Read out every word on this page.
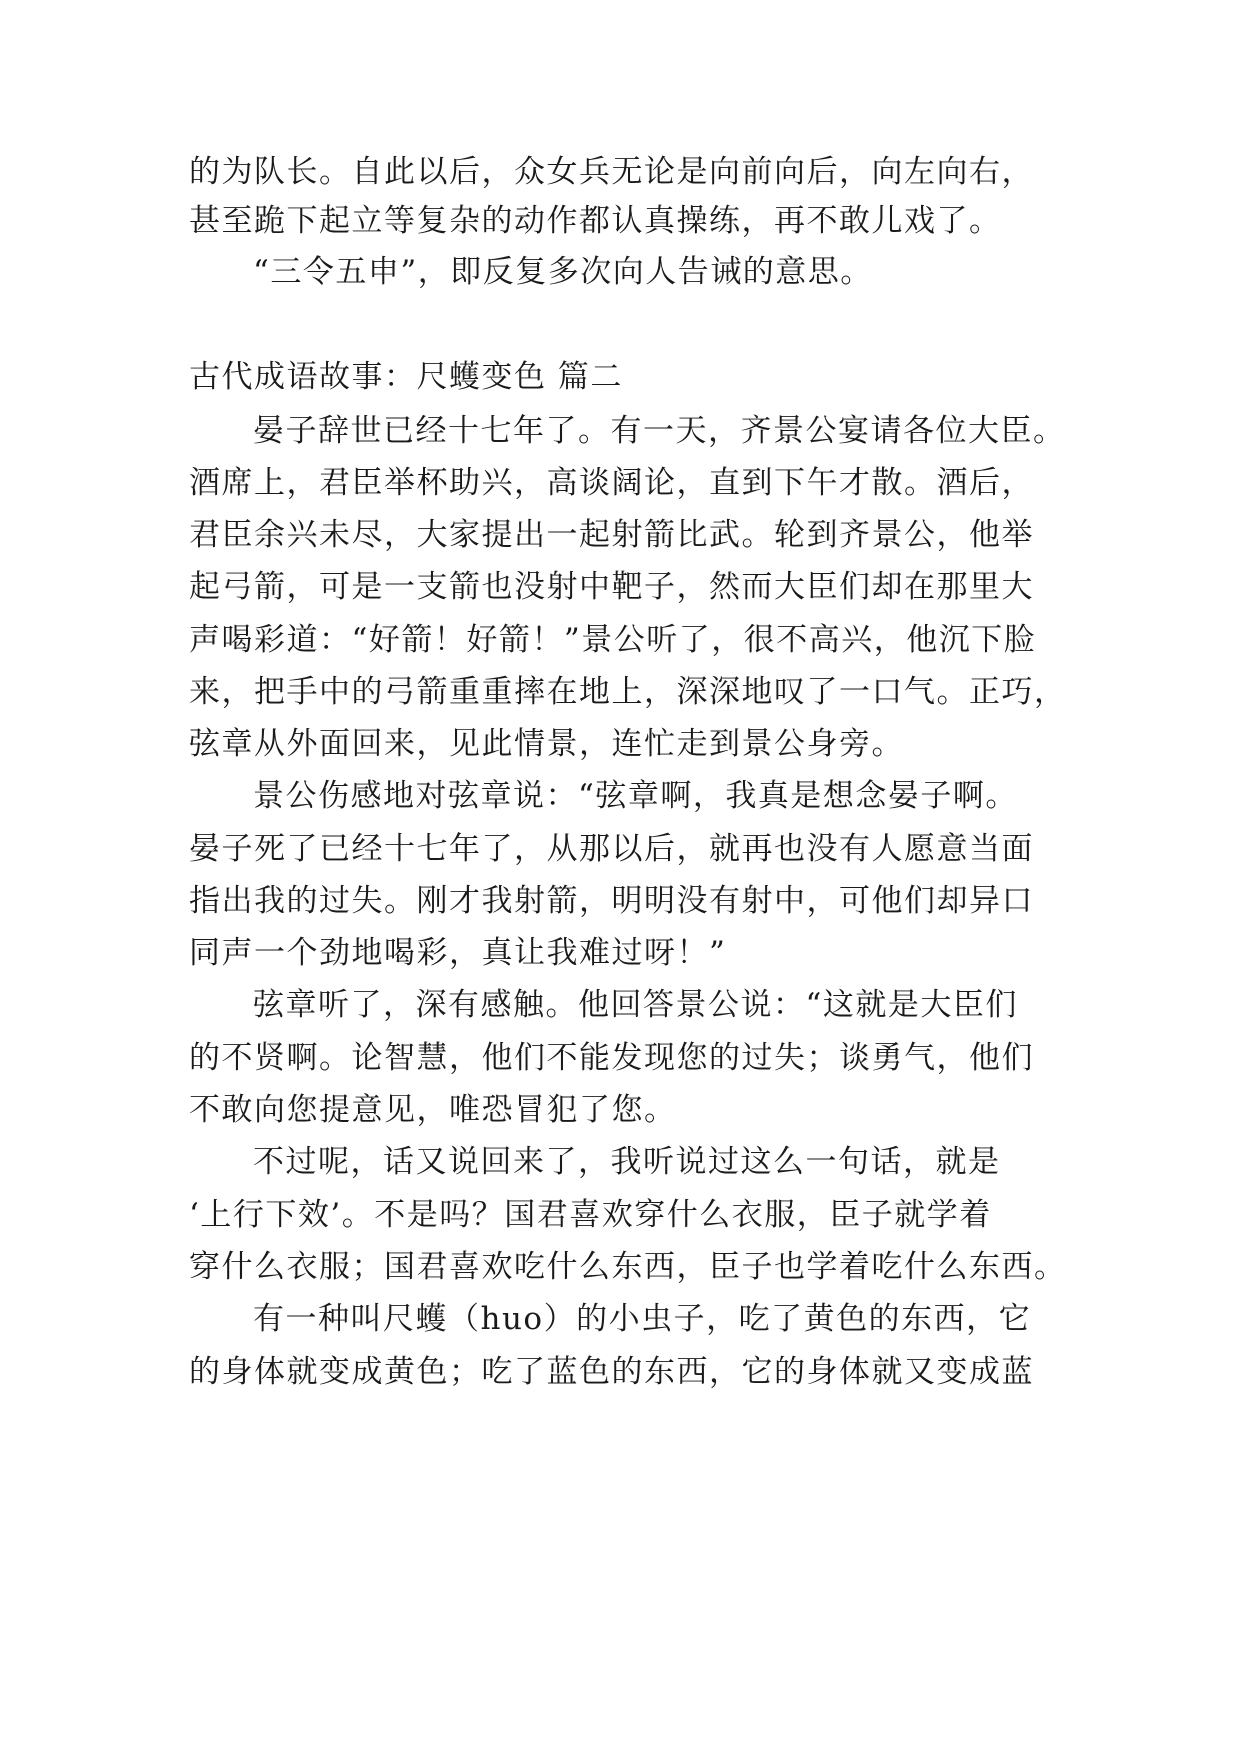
的为队长。自此以后，众女兵无论是向前向后，向左向右，
甚至跪下起立等复杂的动作都认真操练，再不敢儿戏了。
“三令五申”，即反复多次向人告诫的意思。
古代成语故事：尺蠖变色 篇二
晏子辞世已经十七年了。有一天，齐景公宴请各位大臣。
酒席上，君臣举杯助兴，高谈阔论，直到下午才散。酒后，
君臣余兴未尽，大家提出一起射箭比武。轮到齐景公，他举
起弓箭，可是一支箭也没射中靶子，然而大臣们却在那里大
声喝彩道：“好箭！好箭！”景公听了，很不高兴，他沉下脸
来，把手中的弓箭重重摔在地上，深深地叹了一口气。正巧，
弦章从外面回来，见此情景，连忙走到景公身旁。
景公伤感地对弦章说：“弦章啊，我真是想念晏子啊。
晏子死了已经十七年了，从那以后，就再也没有人愿意当面
指出我的过失。刚才我射箭，明明没有射中，可他们却异口
同声一个劲地喝彩，真让我难过呀！”
弦章听了，深有感触。他回答景公说：“这就是大臣们
的不贤啊。论智慧，他们不能发现您的过失；谈勇气，他们
不敢向您提意见，唯恐冒犯了您。
不过呢，话又说回来了，我听说过这么一句话，就是
‘上行下效’。不是吗？国君喜欢穿什么衣服，臣子就学着
穿什么衣服；国君喜欢吃什么东西，臣子也学着吃什么东西。
有一种叫尺蠖（huo）的小虫子，吃了黄色的东西，它
的身体就变成黄色；吃了蓝色的东西，它的身体就又变成蓝
